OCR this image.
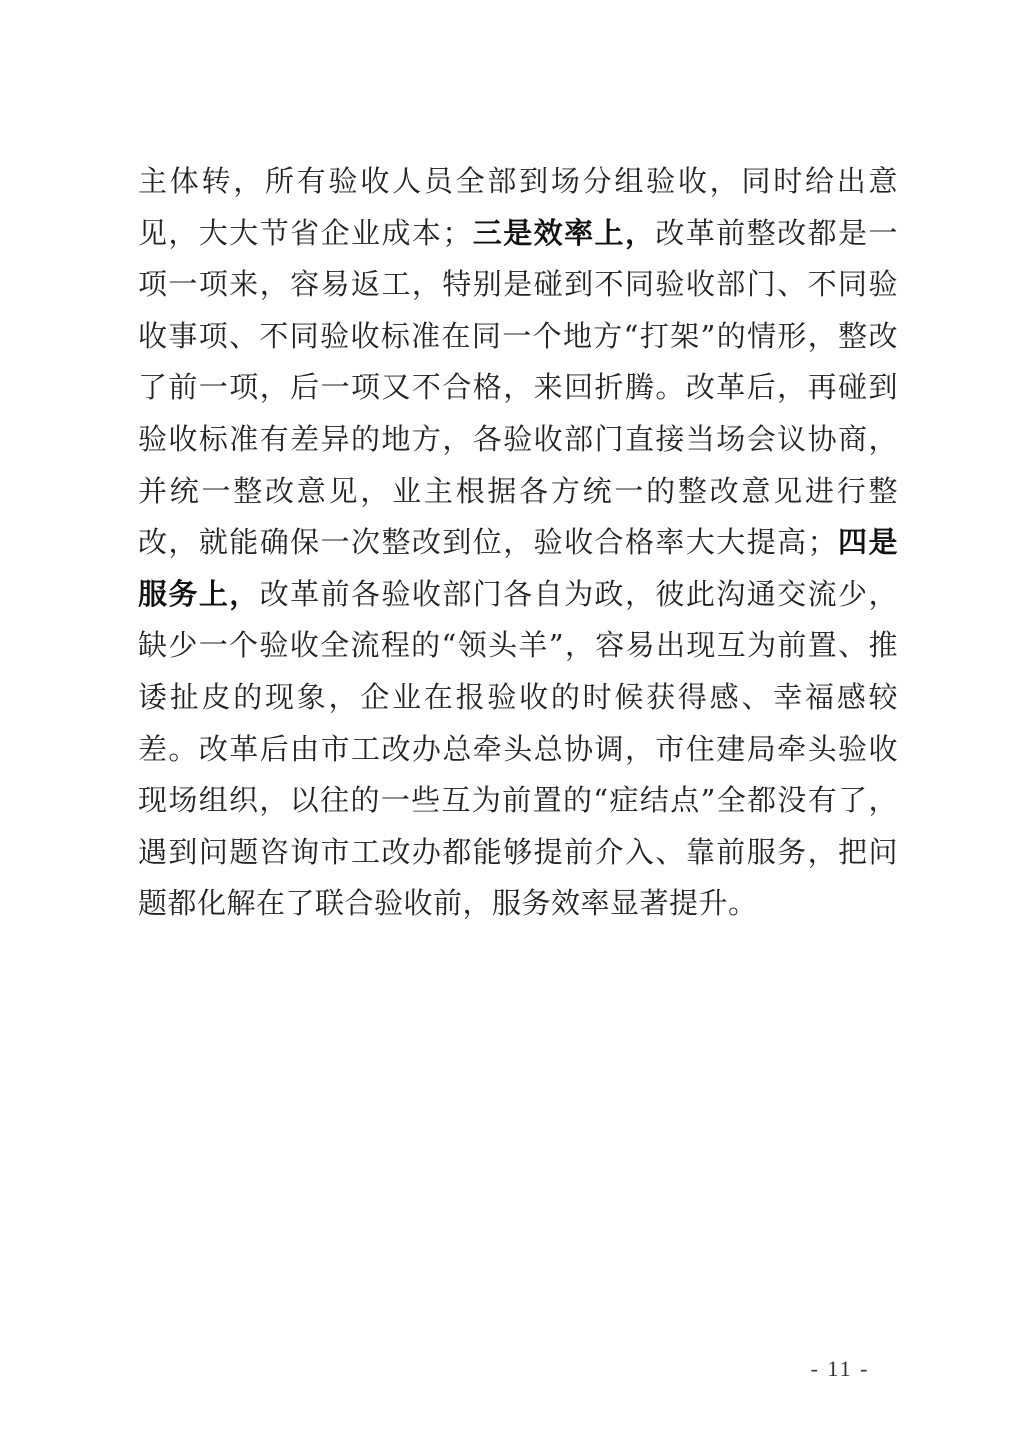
主体转，所有验收人员全部到场分组验收，同时给出意见，大大节省企业成本；三是效率上，改革前整改都是一项一项来，容易返工，特别是碰到不同验收部门、不同验收事项、不同验收标准在同一个地方“打架”的情形，整改了前一项，后一项又不合格，来回折腾。改革后，再碰到验收标准有差异的地方，各验收部门直接当场会议协商，并统一整改意见，业主根据各方统一的整改意见进行整改，就能确保一次整改到位，验收合格率大大提高；四是服务上，改革前各验收部门各自为政，彼此沟通交流少，缺少一个验收全流程的“领头羊”，容易出现互为前置、推诿扯皮的现象，企业在报验收的时候获得感、幸福感较差。改革后由市工改办总牵头总协调，市住建局牵头验收现场组织，以往的一些互为前置的“症结点”全都没有了，遇到问题咨询市工改办都能够提前介入、靠前服务，把问题都化解在了联合验收前，服务效率显著提升。

- 11 -
